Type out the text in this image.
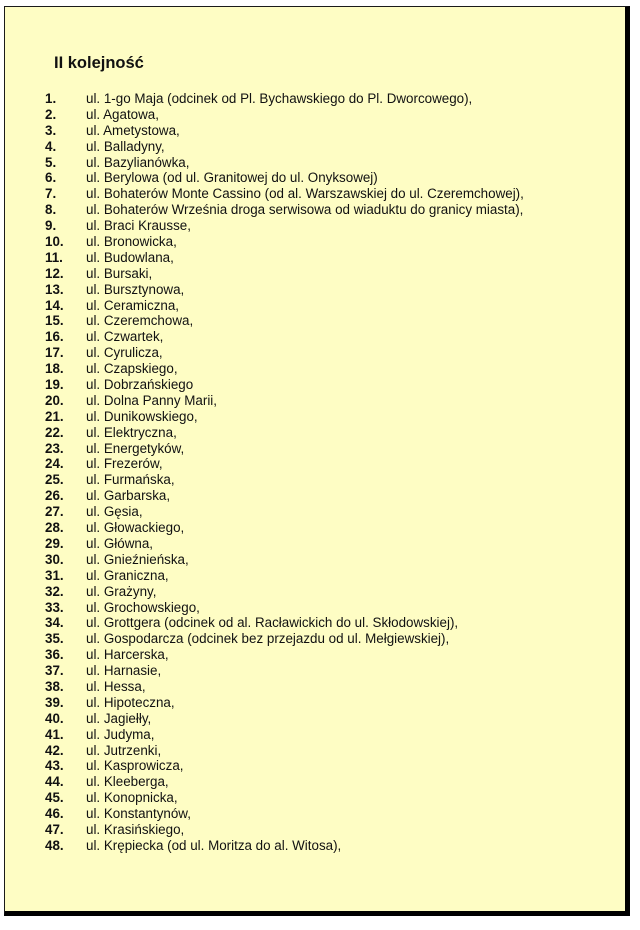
II kolejność
1. ul. 1-go Maja (odcinek od Pl. Bychawskiego do Pl. Dworcowego),
2. ul. Agatowa,
3. ul. Ametystowa,
4. ul. Balladyny,
5. ul. Bazylianówka,
6. ul. Berylowa (od ul. Granitowej do ul. Onyksowej)
7. ul. Bohaterów Monte Cassino (od al. Warszawskiej do ul. Czeremchowej),
8. ul. Bohaterów Września droga serwisowa od wiaduktu do granicy miasta),
9. ul. Braci Krausse,
10. ul. Bronowicka,
11. ul. Budowlana,
12. ul. Bursaki,
13. ul. Bursztynowa,
14. ul. Ceramiczna,
15. ul. Czeremchowa,
16. ul. Czwartek,
17. ul. Cyrulicza,
18. ul. Czapskiego,
19. ul. Dobrzańskiego
20. ul. Dolna Panny Marii,
21. ul. Dunikowskiego,
22. ul. Elektryczna,
23. ul. Energetyków,
24. ul. Frezerów,
25. ul. Furmańska,
26. ul. Garbarska,
27. ul. Gęsia,
28. ul. Głowackiego,
29. ul. Główna,
30. ul. Gnieźnieńska,
31. ul. Graniczna,
32. ul. Grażyny,
33. ul. Grochowskiego,
34. ul. Grottgera (odcinek od al. Racławickich do ul. Skłodowskiej),
35. ul. Gospodarcza (odcinek bez przejazdu od ul. Mełgiewskiej),
36. ul. Harcerska,
37. ul. Harnasie,
38. ul. Hessa,
39. ul. Hipoteczna,
40. ul. Jagiełły,
41. ul. Judyma,
42. ul. Jutrzenki,
43. ul. Kasprowicza,
44. ul. Kleeberga,
45. ul. Konopnicka,
46. ul. Konstantynów,
47. ul. Krasińskiego,
48. ul. Krępiecka (od ul. Moritza do al. Witosa),
